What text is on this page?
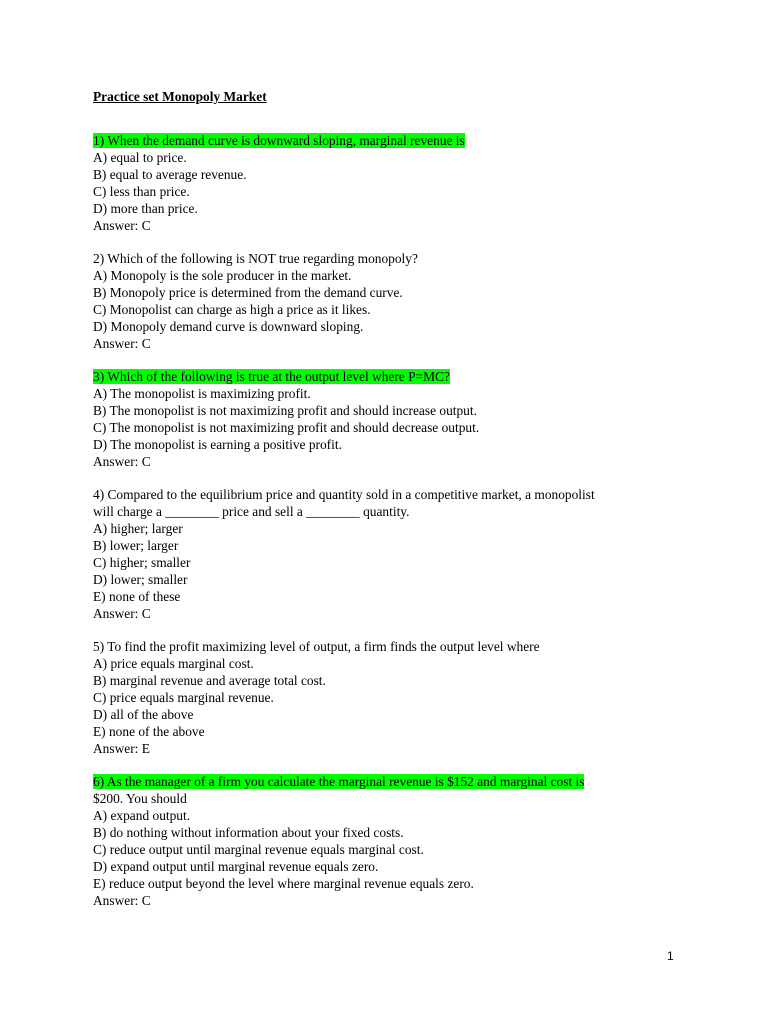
Practice set Monopoly Market
1) When the demand curve is downward sloping, marginal revenue is
A) equal to price.
B) equal to average revenue.
C) less than price.
D) more than price.
Answer: C
2) Which of the following is NOT true regarding monopoly?
A) Monopoly is the sole producer in the market.
B) Monopoly price is determined from the demand curve.
C) Monopolist can charge as high a price as it likes.
D) Monopoly demand curve is downward sloping.
Answer: C
3) Which of the following is true at the output level where P=MC?
A) The monopolist is maximizing profit.
B) The monopolist is not maximizing profit and should increase output.
C) The monopolist is not maximizing profit and should decrease output.
D) The monopolist is earning a positive profit.
Answer: C
4) Compared to the equilibrium price and quantity sold in a competitive market, a monopolist
will charge a ________ price and sell a ________ quantity.
A) higher; larger
B) lower; larger
C) higher; smaller
D) lower; smaller
E) none of these
Answer: C
5) To find the profit maximizing level of output, a firm finds the output level where
A) price equals marginal cost.
B) marginal revenue and average total cost.
C) price equals marginal revenue.
D) all of the above
E) none of the above
Answer: E
6) As the manager of a firm you calculate the marginal revenue is $152 and marginal cost is
$200. You should
A) expand output.
B) do nothing without information about your fixed costs.
C) reduce output until marginal revenue equals marginal cost.
D) expand output until marginal revenue equals zero.
E) reduce output beyond the level where marginal revenue equals zero.
Answer: C
1
